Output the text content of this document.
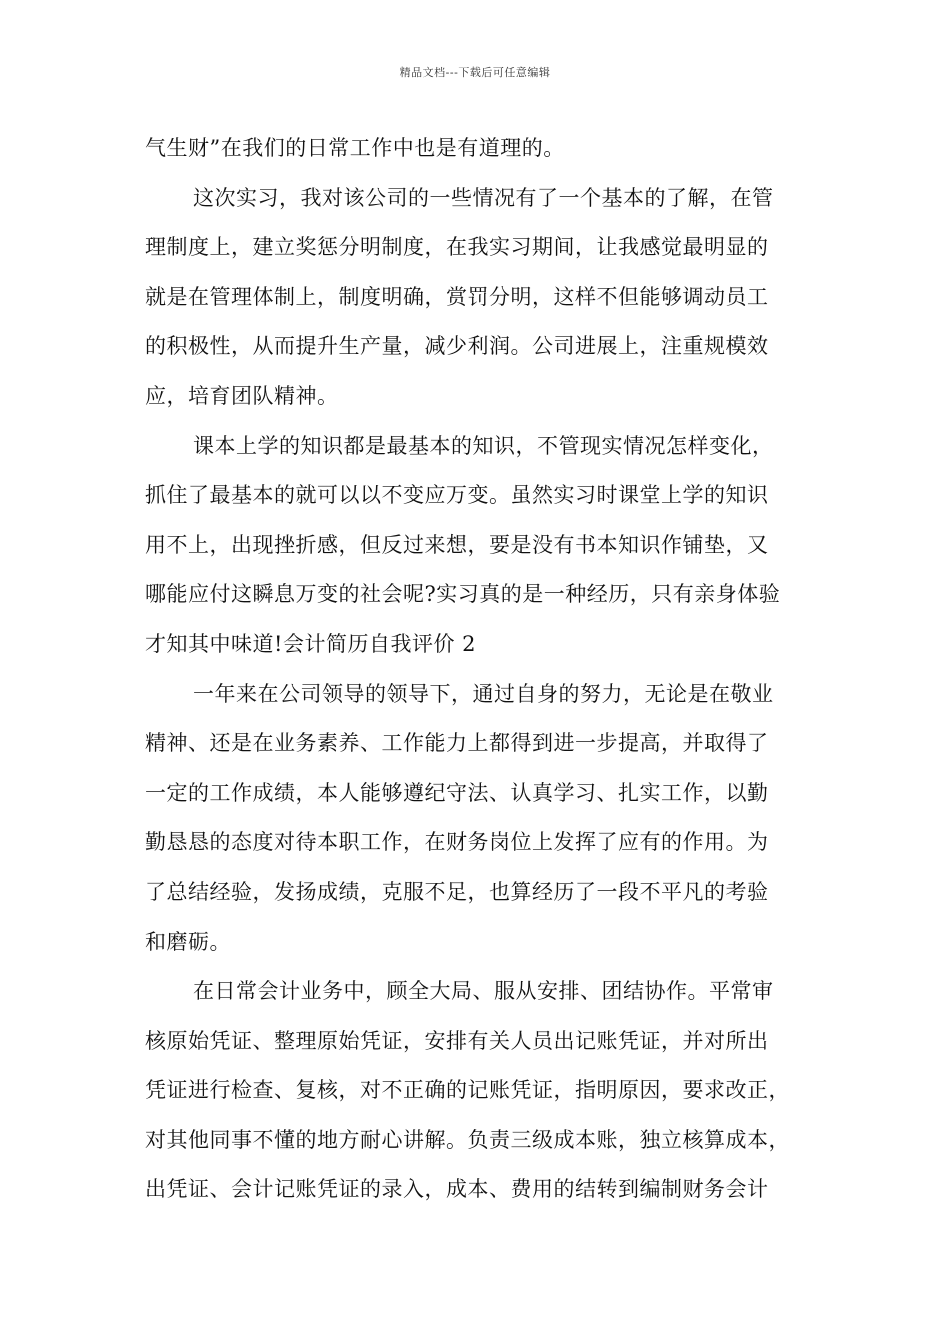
精品文档---下载后可任意编辑
气生财”在我们的日常工作中也是有道理的。
这次实习，我对该公司的一些情况有了一个基本的了解，在管
理制度上，建立奖惩分明制度，在我实习期间，让我感觉最明显的
就是在管理体制上，制度明确，赏罚分明，这样不但能够调动员工
的积极性，从而提升生产量，减少利润。公司进展上，注重规模效
应，培育团队精神。
课本上学的知识都是最基本的知识，不管现实情况怎样变化，
抓住了最基本的就可以以不变应万变。虽然实习时课堂上学的知识
用不上，出现挫折感，但反过来想，要是没有书本知识作铺垫，又
哪能应付这瞬息万变的社会呢?实习真的是一种经历，只有亲身体验
才知其中味道!会计简历自我评价 2
一年来在公司领导的领导下，通过自身的努力，无论是在敬业
精神、还是在业务素养、工作能力上都得到进一步提高，并取得了
一定的工作成绩，本人能够遵纪守法、认真学习、扎实工作，以勤
勤恳恳的态度对待本职工作，在财务岗位上发挥了应有的作用。为
了总结经验，发扬成绩，克服不足，也算经历了一段不平凡的考验
和磨砺。
在日常会计业务中，顾全大局、服从安排、团结协作。平常审
核原始凭证、整理原始凭证，安排有关人员出记账凭证，并对所出
凭证进行检查、复核，对不正确的记账凭证，指明原因，要求改正，
对其他同事不懂的地方耐心讲解。负责三级成本账，独立核算成本，
出凭证、会计记账凭证的录入，成本、费用的结转到编制财务会计
